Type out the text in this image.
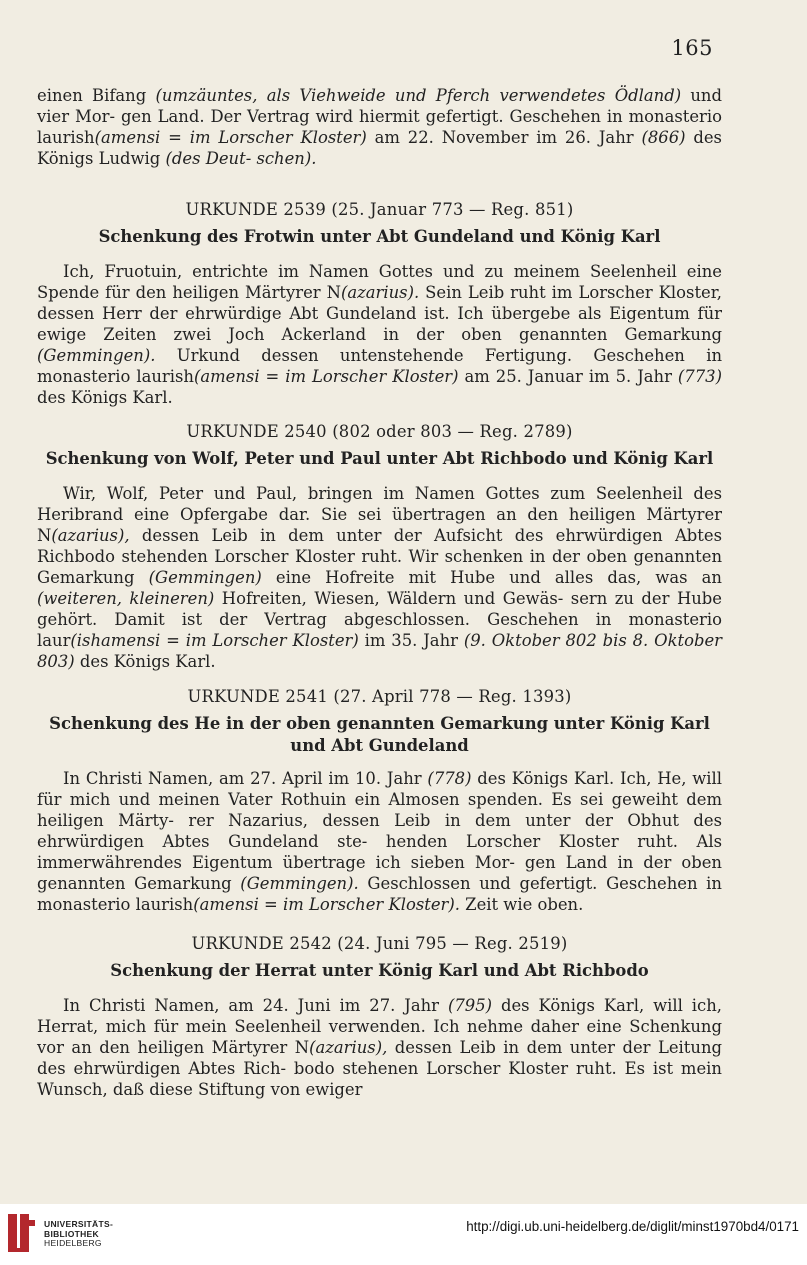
165

einen Bifang (umzäuntes, als Viehweide und Pferch verwendetes Ödland) und vier Mor- gen Land. Der Vertrag wird hiermit gefertigt. Geschehen in monasterio laurish(amensi = im Lorscher Kloster) am 22. November im 26. Jahr (866) des Königs Ludwig (des Deut- schen).

URKUNDE 2539 (25. Januar 773 — Reg. 851)
Schenkung des Frotwin unter Abt Gundeland und König Karl

Ich, Fruotuin, entrichte im Namen Gottes und zu meinem Seelenheil eine Spende für den heiligen Märtyrer N(azarius). Sein Leib ruht im Lorscher Kloster, dessen Herr der ehrwürdige Abt Gundeland ist. Ich übergebe als Eigentum für ewige Zeiten zwei Joch Ackerland in der oben genannten Gemarkung (Gemmingen). Urkund dessen untenstehende Fertigung. Geschehen in monasterio laurish(amensi = im Lorscher Kloster) am 25. Januar im 5. Jahr (773) des Königs Karl.

URKUNDE 2540 (802 oder 803 — Reg. 2789)
Schenkung von Wolf, Peter und Paul unter Abt Richbodo und König Karl

Wir, Wolf, Peter und Paul, bringen im Namen Gottes zum Seelenheil des Heribrand eine Opfergabe dar. Sie sei übertragen an den heiligen Märtyrer N(azarius), dessen Leib in dem unter der Aufsicht des ehrwürdigen Abtes Richbodo stehenden Lorscher Kloster ruht. Wir schenken in der oben genannten Gemarkung (Gemmingen) eine Hofreite mit Hube und alles das, was an (weiteren, kleineren) Hofreiten, Wiesen, Wäldern und Gewäs- sern zu der Hube gehört. Damit ist der Vertrag abgeschlossen. Geschehen in monasterio laur(ishamensi = im Lorscher Kloster) im 35. Jahr (9. Oktober 802 bis 8. Oktober 803) des Königs Karl.

URKUNDE 2541 (27. April 778 — Reg. 1393)
Schenkung des He in der oben genannten Gemarkung unter König Karl
und Abt Gundeland

In Christi Namen, am 27. April im 10. Jahr (778) des Königs Karl. Ich, He, will für mich und meinen Vater Rothuin ein Almosen spenden. Es sei geweiht dem heiligen Märty- rer Nazarius, dessen Leib in dem unter der Obhut des ehrwürdigen Abtes Gundeland ste- henden Lorscher Kloster ruht. Als immerwährendes Eigentum übertrage ich sieben Mor- gen Land in der oben genannten Gemarkung (Gemmingen). Geschlossen und gefertigt. Geschehen in monasterio laurish(amensi = im Lorscher Kloster). Zeit wie oben.

URKUNDE 2542 (24. Juni 795 — Reg. 2519)
Schenkung der Herrat unter König Karl und Abt Richbodo

In Christi Namen, am 24. Juni im 27. Jahr (795) des Königs Karl, will ich, Herrat, mich für mein Seelenheil verwenden. Ich nehme daher eine Schenkung vor an den heiligen Märtyrer N(azarius), dessen Leib in dem unter der Leitung des ehrwürdigen Abtes Rich- bodo stehenen Lorscher Kloster ruht. Es ist mein Wunsch, daß diese Stiftung von ewiger

UNIVERSITÄTS-
BIBLIOTHEK
HEIDELBERG
http://digi.ub.uni-heidelberg.de/diglit/minst1970bd4/0171
